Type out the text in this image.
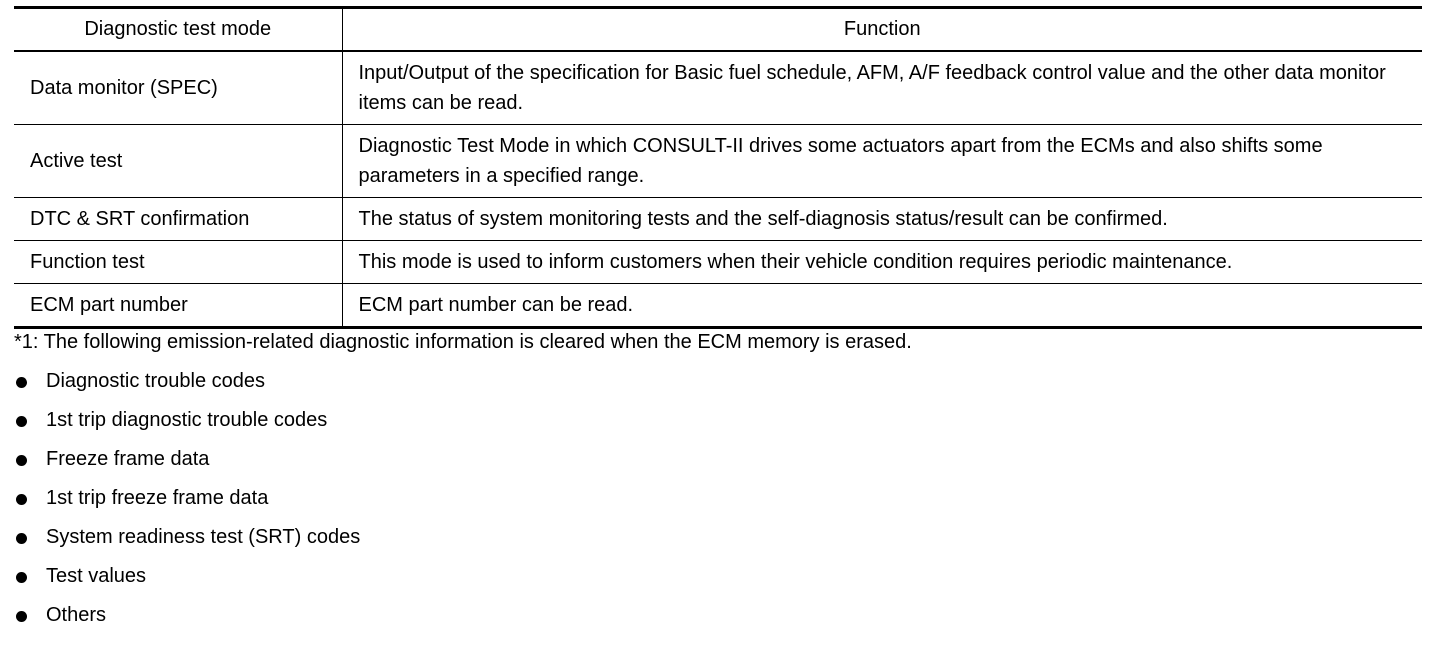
Diagnostic test mode	Function
Data monitor (SPEC)	Input/Output of the specification for Basic fuel schedule, AFM, A/F feedback control value and the other data monitor items can be read.
Active test	Diagnostic Test Mode in which CONSULT-II drives some actuators apart from the ECMs and also shifts some parameters in a specified range.
DTC & SRT confirmation	The status of system monitoring tests and the self-diagnosis status/result can be confirmed.
Function test	This mode is used to inform customers when their vehicle condition requires periodic maintenance.
ECM part number	ECM part number can be read.

*1: The following emission-related diagnostic information is cleared when the ECM memory is erased.

Diagnostic trouble codes
1st trip diagnostic trouble codes
Freeze frame data
1st trip freeze frame data
System readiness test (SRT) codes
Test values
Others
